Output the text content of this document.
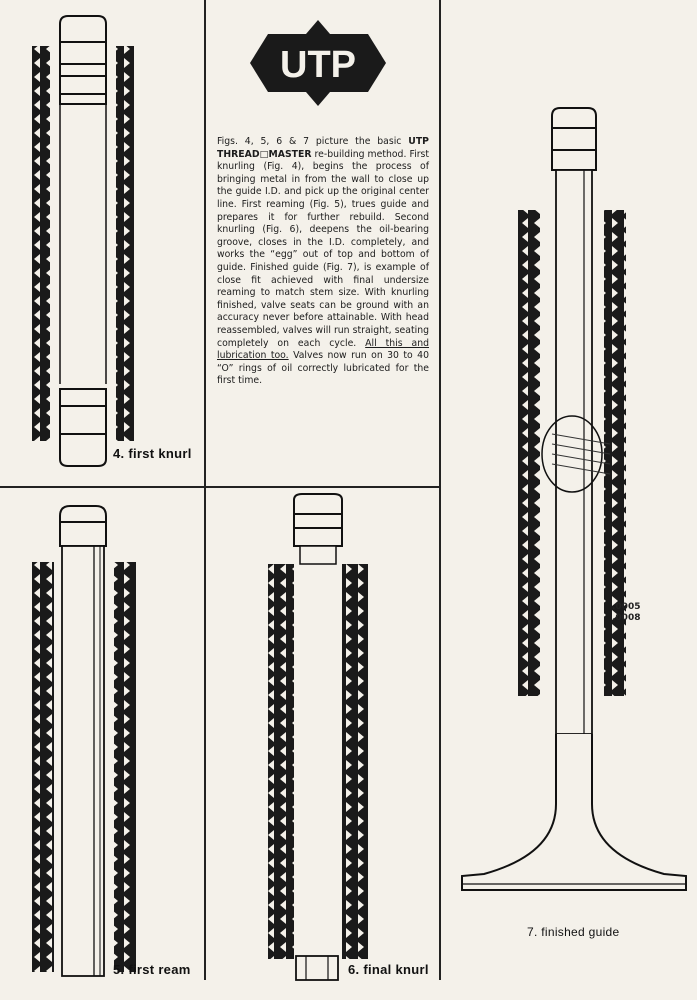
UTP
Figs. 4, 5, 6 & 7 picture the basic UTP THREAD□MASTER re-building method. First knurling (Fig. 4), begins the process of bringing metal in from the wall to close up the guide I.D. and pick up the original center line. First reaming (Fig. 5), trues guide and prepares it for further rebuild. Second knurling (Fig. 6), deepens the oil-bearing groove, closes in the I.D. completely, and works the “egg” out of top and bottom of guide. Finished guide (Fig. 7), is example of close fit achieved with final undersize reaming to match stem size. With knurling finished, valve seats can be ground with an accuracy never before attainable. With head reassembled, valves will run straight, seating completely on each cycle. All this and lubrication too. Valves now run on 30 to 40 “O” rings of oil correctly lubricated for the first time.
4. first knurl
5. first ream	6. final knurl
.0005
.0008
7. finished guide
